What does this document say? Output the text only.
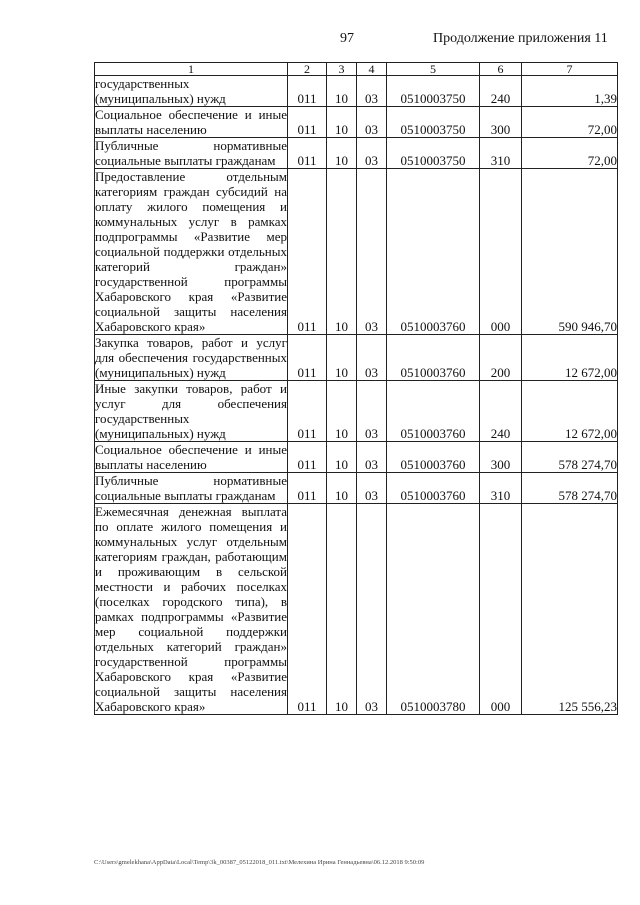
97	Продолжение приложения 11
1	2	3	4	5	6	7
государственных (муниципальных) нужд	011	10	03	0510003750	240	1,39
Социальное обеспечение и иные выплаты населению	011	10	03	0510003750	300	72,00
Публичные нормативные социальные выплаты гражданам	011	10	03	0510003750	310	72,00
Предоставление отдельным категориям граждан субсидий на оплату жилого помещения и коммунальных услуг в рамках подпрограммы «Развитие мер социальной поддержки отдельных категорий граждан» государственной программы Хабаровского края «Развитие социальной защиты населения Хабаровского края»	011	10	03	0510003760	000	590 946,70
Закупка товаров, работ и услуг для обеспечения государственных (муниципальных) нужд	011	10	03	0510003760	200	12 672,00
Иные закупки товаров, работ и услуг для обеспечения государственных (муниципальных) нужд	011	10	03	0510003760	240	12 672,00
Социальное обеспечение и иные выплаты населению	011	10	03	0510003760	300	578 274,70
Публичные нормативные социальные выплаты гражданам	011	10	03	0510003760	310	578 274,70
Ежемесячная денежная выплата по оплате жилого помещения и коммунальных услуг отдельным категориям граждан, работающим и проживающим в сельской местности и рабочих поселках (поселках городского типа), в рамках подпрограммы «Развитие мер социальной поддержки отдельных категорий граждан» государственной программы Хабаровского края «Развитие социальной защиты населения Хабаровского края»	011	10	03	0510003780	000	125 556,23
C:\Users\gmelekhana\AppData\Local\Temp\3k_00387_05122018_011.txt\Мелехина Ирина Геннадьевна\06.12.2018 9:50:09
